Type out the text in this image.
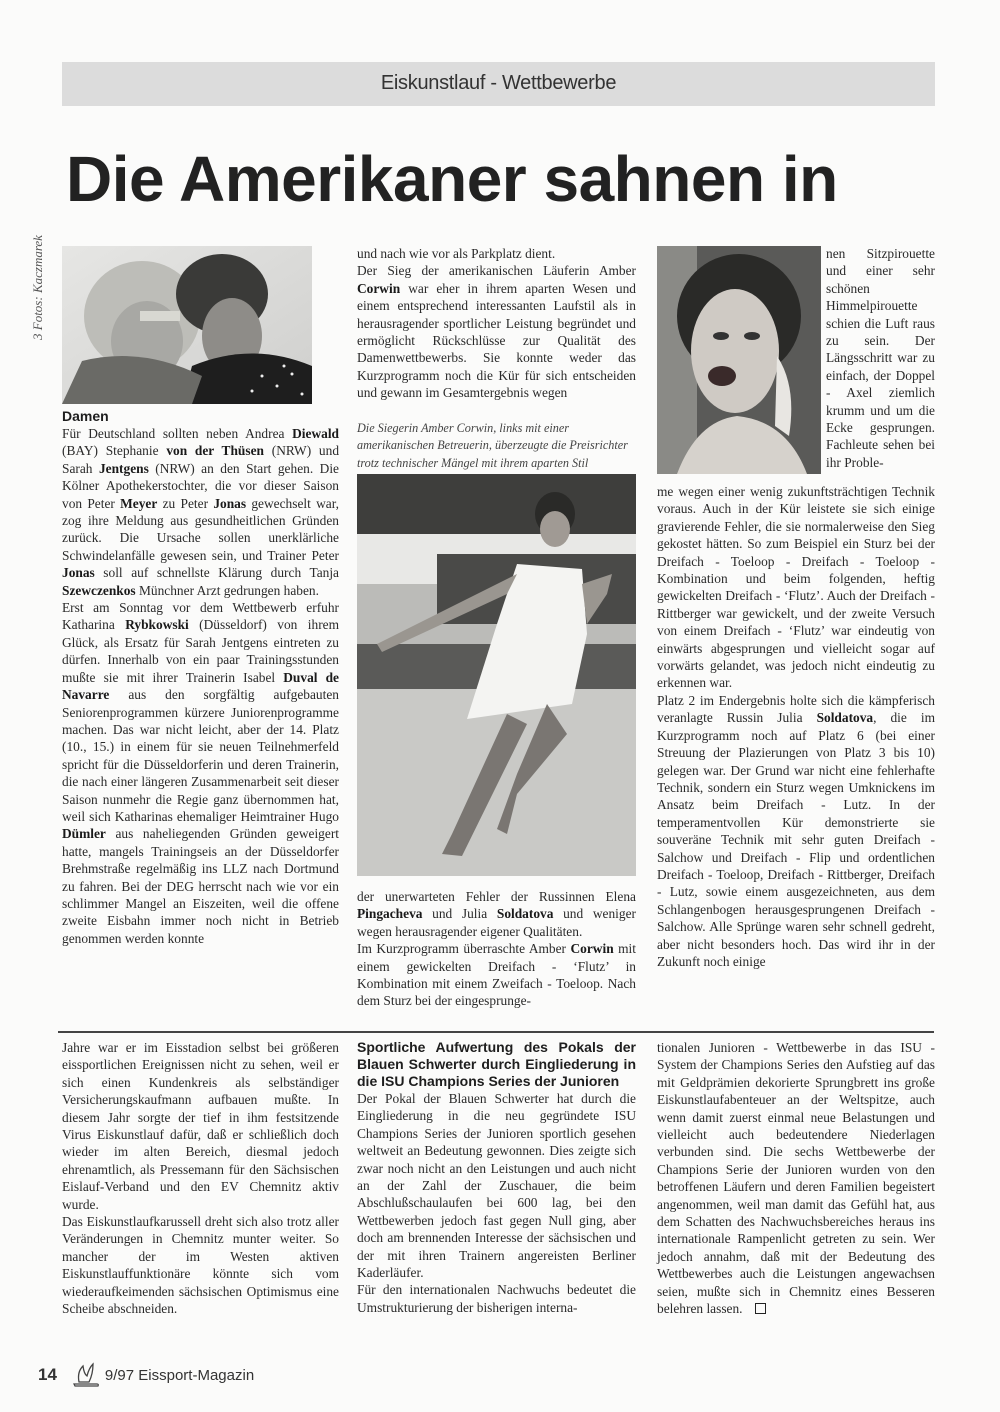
Eiskunstlauf - Wettbewerbe
Die Amerikaner sahnen in
3 Fotos: Kaczmarek
Damen

Für Deutschland sollten neben Andrea Diewald (BAY) Stephanie von der Thüsen (NRW) und Sarah Jentgens (NRW) an den Start gehen. Die Kölner Apothekerstochter, die vor dieser Saison von Peter Meyer zu Peter Jonas gewechselt war, zog ihre Meldung aus gesundheitlichen Gründen zurück. Die Ursache sollen unerklärliche Schwindelanfälle gewesen sein, und Trainer Peter Jonas soll auf schnellste Klärung durch Tanja Szewczenkos Münchner Arzt gedrungen haben.

Erst am Sonntag vor dem Wettbewerb erfuhr Katharina Rybkowski (Düsseldorf) von ihrem Glück, als Ersatz für Sarah Jentgens eintreten zu dürfen. Innerhalb von ein paar Trainingsstunden mußte sie mit ihrer Trainerin Isabel Duval de Navarre aus den sorgfältig aufgebauten Seniorenprogrammen kürzere Juniorenprogramme machen. Das war nicht leicht, aber der 14. Platz (10., 15.) in einem für sie neuen Teilnehmerfeld spricht für die Düsseldorferin und deren Trainerin, die nach einer längeren Zusammenarbeit seit dieser Saison nunmehr die Regie ganz übernommen hat, weil sich Katharinas ehemaliger Heimtrainer Hugo Dümler aus naheliegenden Gründen geweigert hatte, mangels Trainingseis an der Düsseldorfer Brehmstraße regelmäßig ins LLZ nach Dortmund zu fahren. Bei der DEG herrscht nach wie vor ein schlimmer Mangel an Eiszeiten, weil die offene zweite Eisbahn immer noch nicht in Betrieb genommen werden konnte

und nach wie vor als Parkplatz dient.

Der Sieg der amerikanischen Läuferin Amber Corwin war eher in ihrem aparten Wesen und einem entsprechend interessanten Laufstil als in herausragender sportlicher Leistung begründet und ermöglicht Rückschlüsse zur Qualität des Damenwettbewerbs. Sie konnte weder das Kurzprogramm noch die Kür für sich entscheiden und gewann im Gesamtergebnis wegen

Die Siegerin Amber Corwin, links mit einer amerikanischen Betreuerin, überzeugte die Preisrichter trotz technischer Mängel mit ihrem aparten Stil

der unerwarteten Fehler der Russinnen Elena Pingacheva und Julia Soldatova und weniger wegen herausragender eigener Qualitäten.

Im Kurzprogramm überraschte Amber Corwin mit einem gewickelten Dreifach - ‘Flutz’ in Kombination mit einem Zweifach - Toeloop. Nach dem Sturz bei der eingesprunge-

nen Sitzpirouette und einer sehr schönen Himmelpirouette schien die Luft raus zu sein. Der Längsschritt war zu einfach, der Doppel - Axel ziemlich krumm und um die Ecke gesprungen. Fachleute sehen bei ihr Proble-

me wegen einer wenig zukunftsträchtigen Technik voraus. Auch in der Kür leistete sie sich einige gravierende Fehler, die sie normalerweise den Sieg gekostet hätten. So zum Beispiel ein Sturz bei der Dreifach - Toeloop - Dreifach - Toeloop - Kombination und beim folgenden, heftig gewickelten Dreifach - ‘Flutz’. Auch der Dreifach - Rittberger war gewickelt, und der zweite Versuch von einem Dreifach - ‘Flutz’ war eindeutig von einwärts abgesprungen und vielleicht sogar auf vorwärts gelandet, was jedoch nicht eindeutig zu erkennen war.

Platz 2 im Endergebnis holte sich die kämpferisch veranlagte Russin Julia Soldatova, die im Kurzprogramm noch auf Platz 6 (bei einer Streuung der Plazierungen von Platz 3 bis 10) gelegen war. Der Grund war nicht eine fehlerhafte Technik, sondern ein Sturz wegen Umknickens im Ansatz beim Dreifach - Lutz. In der temperamentvollen Kür demonstrierte sie souveräne Technik mit sehr guten Dreifach - Salchow und Dreifach - Flip und ordentlichen Dreifach - Toeloop, Dreifach - Rittberger, Dreifach - Lutz, sowie einem ausgezeichneten, aus dem Schlangenbogen herausgesprungenen Dreifach - Salchow. Alle Sprünge waren sehr schnell gedreht, aber nicht besonders hoch. Das wird ihr in der Zukunft noch einige

Jahre war er im Eisstadion selbst bei größeren eissportlichen Ereignissen nicht zu sehen, weil er sich einen Kundenkreis als selbständiger Versicherungskaufmann aufbauen mußte. In diesem Jahr sorgte der tief in ihm festsitzende Virus Eiskunstlauf dafür, daß er schließlich doch wieder im alten Bereich, diesmal jedoch ehrenamtlich, als Pressemann für den Sächsischen Eislauf-Verband und den EV Chemnitz aktiv wurde.

Das Eiskunstlaufkarussell dreht sich also trotz aller Veränderungen in Chemnitz munter weiter. So mancher der im Westen aktiven Eiskunstlauffunktionäre könnte sich vom wiederaufkeimenden sächsischen Optimismus eine Scheibe abschneiden.

Sportliche Aufwertung des Pokals der Blauen Schwerter durch Eingliederung in die ISU Champions Series der Junioren

Der Pokal der Blauen Schwerter hat durch die Eingliederung in die neu gegründete ISU Champions Series der Junioren sportlich gesehen weltweit an Bedeutung gewonnen. Dies zeigte sich zwar noch nicht an den Leistungen und auch nicht an der Zahl der Zuschauer, die beim Abschlußschaulaufen bei 600 lag, bei den Wettbewerben jedoch fast gegen Null ging, aber doch am brennenden Interesse der sächsischen und der mit ihren Trainern angereisten Berliner Kaderläufer.

Für den internationalen Nachwuchs bedeutet die Umstrukturierung der bisherigen interna-

tionalen Junioren - Wettbewerbe in das ISU - System der Champions Series den Aufstieg auf das mit Geldprämien dekorierte Sprungbrett ins große Eiskunstlaufabenteuer an der Weltspitze, auch wenn damit zuerst einmal neue Belastungen und vielleicht auch bedeutendere Niederlagen verbunden sind. Die sechs Wettbewerbe der Champions Serie der Junioren wurden von den betroffenen Läufern und deren Familien begeistert angenommen, weil man damit das Gefühl hat, aus dem Schatten des Nachwuchsbereiches heraus ins internationale Rampenlicht getreten zu sein. Wer jedoch annahm, daß mit der Bedeutung des Wettbewerbes auch die Leistungen angewachsen seien, mußte sich in Chemnitz eines Besseren belehren lassen.

14	9/97 Eissport-Magazin
